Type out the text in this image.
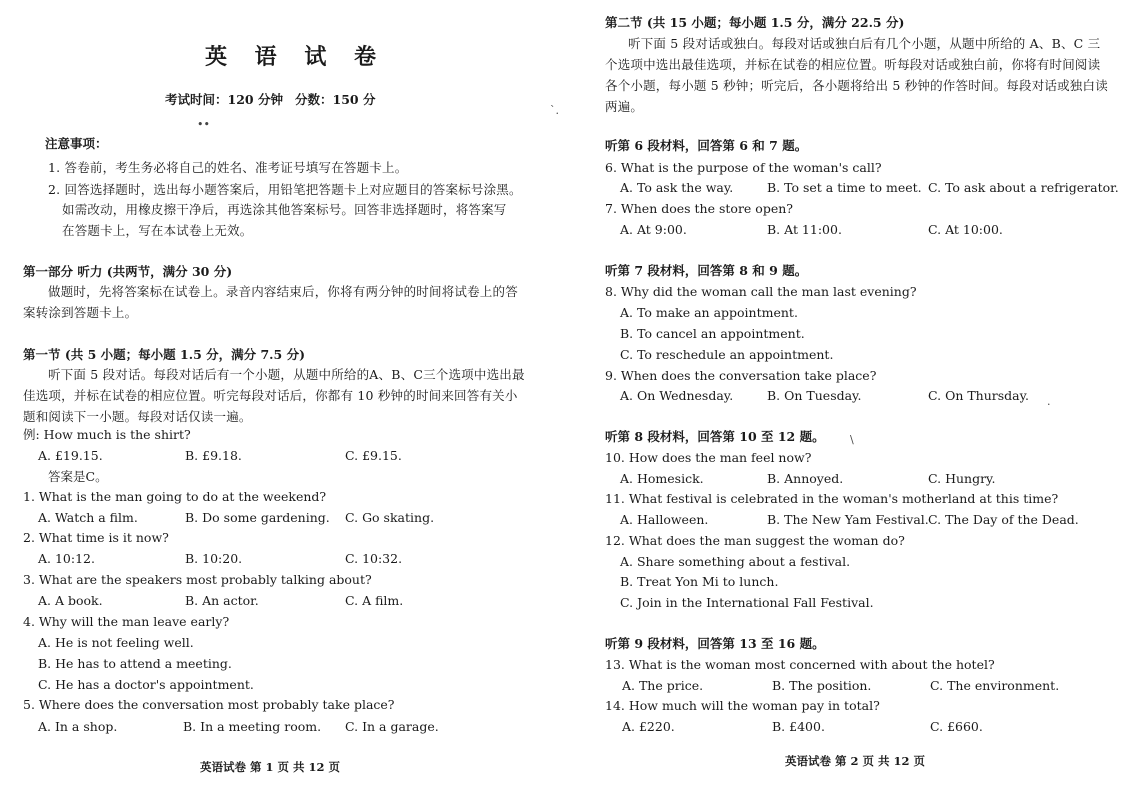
英 语 试 卷
考试时间：120 分钟 分数：150 分
注意事项：
1. 答卷前，考生务必将自己的姓名、准考证号填写在答题卡上。
2. 回答选择题时，选出每小题答案后，用铅笔把答题卡上对应题目的答案标号涂黑。
如需改动，用橡皮擦干净后，再选涂其他答案标号。回答非选择题时，将答案写
在答题卡上，写在本试卷上无效。
第一部分 听力 (共两节，满分 30 分)
做题时，先将答案标在试卷上。录音内容结束后，你将有两分钟的时间将试卷上的答
案转涂到答题卡上。
第一节 (共 5 小题；每小题 1.5 分，满分 7.5 分)
听下面 5 段对话。每段对话后有一个小题，从题中所给的A、B、C三个选项中选出最
佳选项，并标在试卷的相应位置。听完每段对话后，你都有 10 秒钟的时间来回答有关小
题和阅读下一小题。每段对话仅读一遍。
例: How much is the shirt?
A. £19.15.	B. £9.18.	C. £9.15.
答案是C。
1. What is the man going to do at the weekend?
A. Watch a film.	B. Do some gardening. C. Go skating.
2. What time is it now?
A. 10:12.	B. 10:20.	C. 10:32.
3. What are the speakers most probably talking about?
A. A book.	B. An actor.	C. A film.
4. Why will the man leave early?
A. He is not feeling well.
B. He has to attend a meeting.
C. He has a doctor's appointment.
5. Where does the conversation most probably take place?
A. In a shop.	B. In a meeting room. C. In a garage.
英语试卷 第 1 页 共 12 页
••
第二节 (共 15 小题；每小题 1.5 分，满分 22.5 分)
听下面 5 段对话或独白。每段对话或独白后有几个小题，从题中所给的 A、B、C 三
个选项中选出最佳选项，并标在试卷的相应位置。听每段对话或独白前，你将有时间阅读
各个小题，每小题 5 秒钟；听完后，各小题将给出 5 秒钟的作答时间。每段对话或独白读
两遍。
听第 6 段材料，回答第 6 和 7 题。
6. What is the purpose of the woman's call?
A. To ask the way.	B. To set a time to meet. C. To ask about a refrigerator.
7. When does the store open?
A. At 9:00.	B. At 11:00.	C. At 10:00.
听第 7 段材料，回答第 8 和 9 题。
8. Why did the woman call the man last evening?
A. To make an appointment.
B. To cancel an appointment.
C. To reschedule an appointment.
9. When does the conversation take place?
A. On Wednesday.	B. On Tuesday.	C. On Thursday.
听第 8 段材料，回答第 10 至 12 题。
10. How does the man feel now?
A. Homesick.	B. Annoyed.	C. Hungry.
11. What festival is celebrated in the woman's motherland at this time?
A. Halloween.	B. The New Yam Festival. C. The Day of the Dead.
12. What does the man suggest the woman do?
A. Share something about a festival.
B. Treat Yon Mi to lunch.
C. Join in the International Fall Festival.
听第 9 段材料，回答第 13 至 16 题。
13. What is the woman most concerned with about the hotel?
A. The price.	B. The position.	C. The environment.
14. How much will the woman pay in total?
A. £220.	B. £400.	C. £660.
英语试卷 第 2 页 共 12 页
`.
.
\
